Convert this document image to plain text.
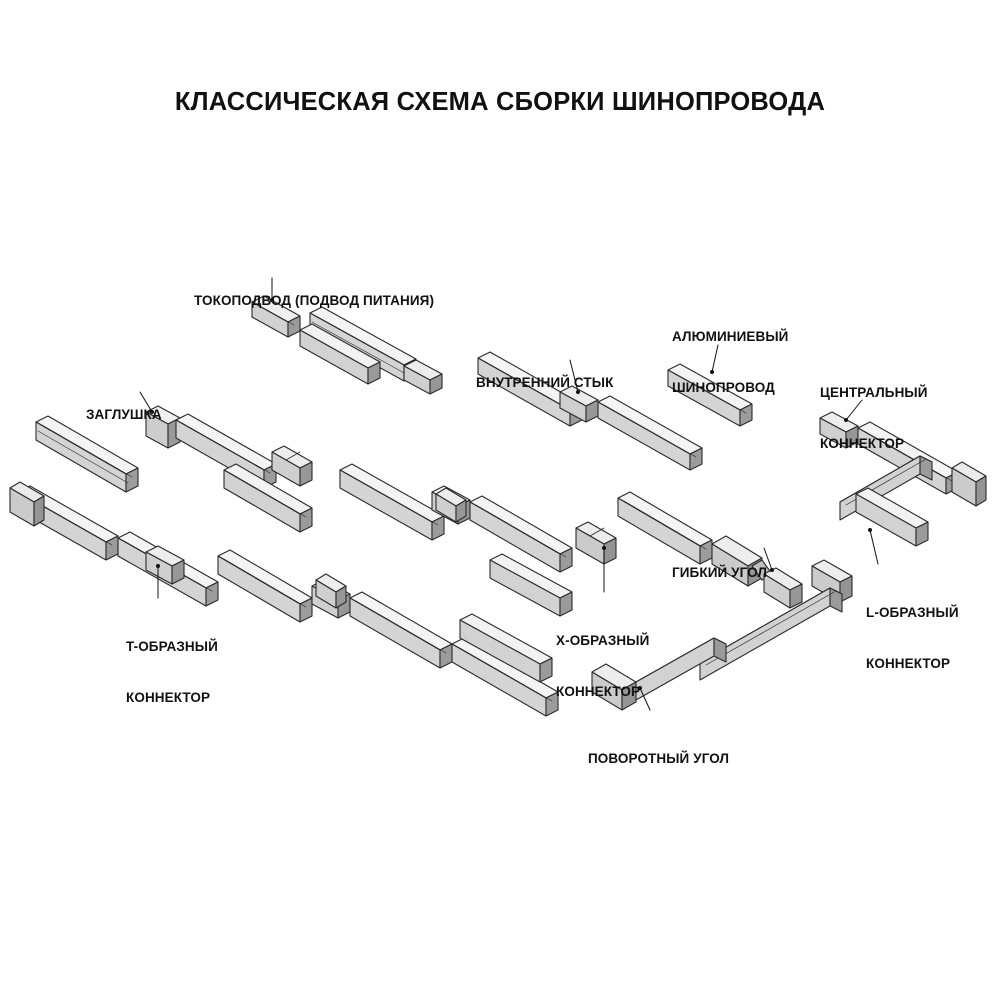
КЛАССИЧЕСКАЯ СХЕМА СБОРКИ ШИНОПРОВОДА

ТОКОПОДВОД (ПОДВОД ПИТАНИЯ)

ЗАГЛУШКА

ВНУТРЕННИЙ СТЫК

АЛЮМИНИЕВЫЙ

ШИНОПРОВОД

	ЦЕНТРАЛЬНЫЙ

КОННЕКТОР

T-ОБРАЗНЫЙ

КОННЕКТОР

X-ОБРАЗНЫЙ

КОННЕКТОР

ГИБКИЙ УГОЛ

L-ОБРАЗНЫЙ

КОННЕКТОР

ПОВОРОТНЫЙ УГОЛ
